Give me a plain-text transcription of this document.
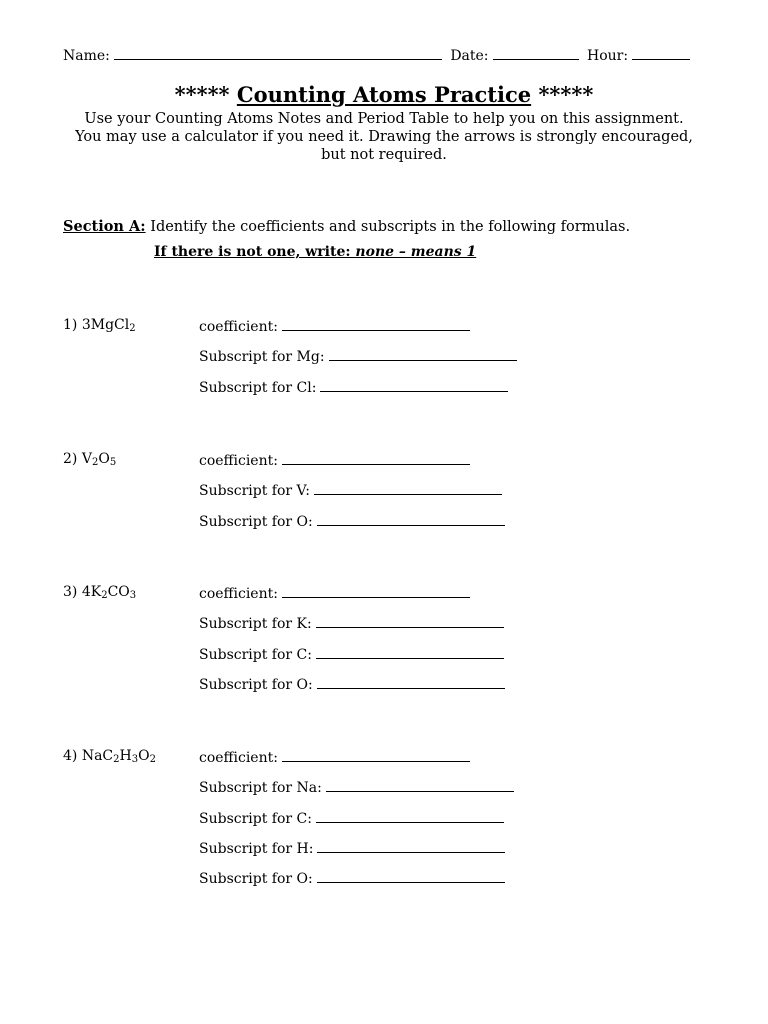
Name:	Date:	Hour:
***** Counting Atoms Practice *****
Use your Counting Atoms Notes and Period Table to help you on this assignment.
You may use a calculator if you need it. Drawing the arrows is strongly encouraged,
but not required.
Section A: Identify the coefficients and subscripts in the following formulas.
If there is not one, write: none – means 1
1) 3MgCl$_2$	coefficient:
Subscript for Mg:
Subscript for Cl:
2) $V_2O_5$	coefficient:
Subscript for V:
Subscript for O:
3) $4K_2CO_3$	coefficient:
Subscript for K:
Subscript for C:
Subscript for O:
4) $NaC_2H_3O_2$	coefficient:
Subscript for Na:
Subscript for C:
Subscript for H:
Subscript for O:
